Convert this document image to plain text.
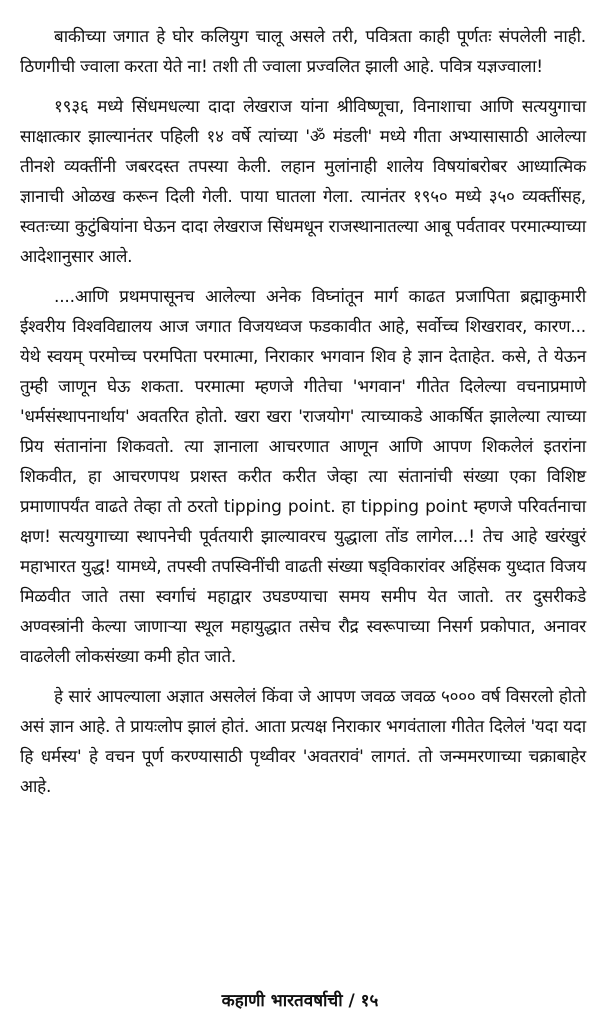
बाकीच्या जगात हे घोर कलियुग चालू असले तरी, पवित्रता काही पूर्णतः संपलेली नाही. ठिणगीची ज्वाला करता येते ना! तशी ती ज्वाला प्रज्वलित झाली आहे. पवित्र यज्ञज्वाला!

१९३६ मध्ये सिंधमधल्या दादा लेखराज यांना श्रीविष्णूचा, विनाशाचा आणि सत्ययुगाचा साक्षात्कार झाल्यानंतर पहिली १४ वर्षे त्यांच्या 'ॐ मंडली' मध्ये गीता अभ्यासासाठी आलेल्या तीनशे व्यक्तींनी जबरदस्त तपस्या केली. लहान मुलांनाही शालेय विषयांबरोबर आध्यात्मिक ज्ञानाची ओळख करून दिली गेली. पाया घातला गेला. त्यानंतर १९५० मध्ये ३५० व्यक्तींसह, स्वतःच्या कुटुंबियांना घेऊन दादा लेखराज सिंधमधून राजस्थानातल्या आबू पर्वतावर परमात्म्याच्या आदेशानुसार आले.

....आणि प्रथमपासूनच आलेल्या अनेक विघ्नांतून मार्ग काढत प्रजापिता ब्रह्माकुमारी ईश्वरीय विश्वविद्यालय आज जगात विजयध्वज फडकावीत आहे, सर्वोच्च शिखरावर, कारण... येथे स्वयम् परमोच्च परमपिता परमात्मा, निराकार भगवान शिव हे ज्ञान देताहेत. कसे, ते येऊन तुम्ही जाणून घेऊ शकता. परमात्मा म्हणजे गीतेचा 'भगवान' गीतेत दिलेल्या वचनाप्रमाणे 'धर्मसंस्थापनार्थाय' अवतरित होतो. खरा खरा 'राजयोग' त्याच्याकडे आकर्षित झालेल्या त्याच्या प्रिय संतानांना शिकवतो. त्या ज्ञानाला आचरणात आणून आणि आपण शिकलेलं इतरांना शिकवीत, हा आचरणपथ प्रशस्त करीत करीत जेव्हा त्या संतानांची संख्या एका विशिष्ट प्रमाणापर्यंत वाढते तेव्हा तो ठरतो tipping point. हा tipping point म्हणजे परिवर्तनाचा क्षण! सत्ययुगाच्या स्थापनेची पूर्वतयारी झाल्यावरच युद्धाला तोंड लागेल...! तेच आहे खरंखुरं महाभारत युद्ध! यामध्ये, तपस्वी तपस्विनींची वाढती संख्या षड्विकारांवर अहिंसक युध्दात विजय मिळवीत जाते तसा स्वर्गाचं महाद्वार उघडण्याचा समय समीप येत जातो. तर दुसरीकडे अण्वस्त्रांनी केल्या जाणाऱ्या स्थूल महायुद्धात तसेच रौद्र स्वरूपाच्या निसर्ग प्रकोपात, अनावर वाढलेली लोकसंख्या कमी होत जाते.

हे सारं आपल्याला अज्ञात असलेलं किंवा जे आपण जवळ जवळ ५००० वर्ष विसरलो होतो असं ज्ञान आहे. ते प्रायःलोप झालं होतं. आता प्रत्यक्ष निराकार भगवंताला गीतेत दिलेलं 'यदा यदा हि धर्मस्य' हे वचन पूर्ण करण्यासाठी पृथ्वीवर 'अवतरावं' लागतं. तो जन्ममरणाच्या चक्राबाहेर आहे.

कहाणी भारतवर्षाची / १५
